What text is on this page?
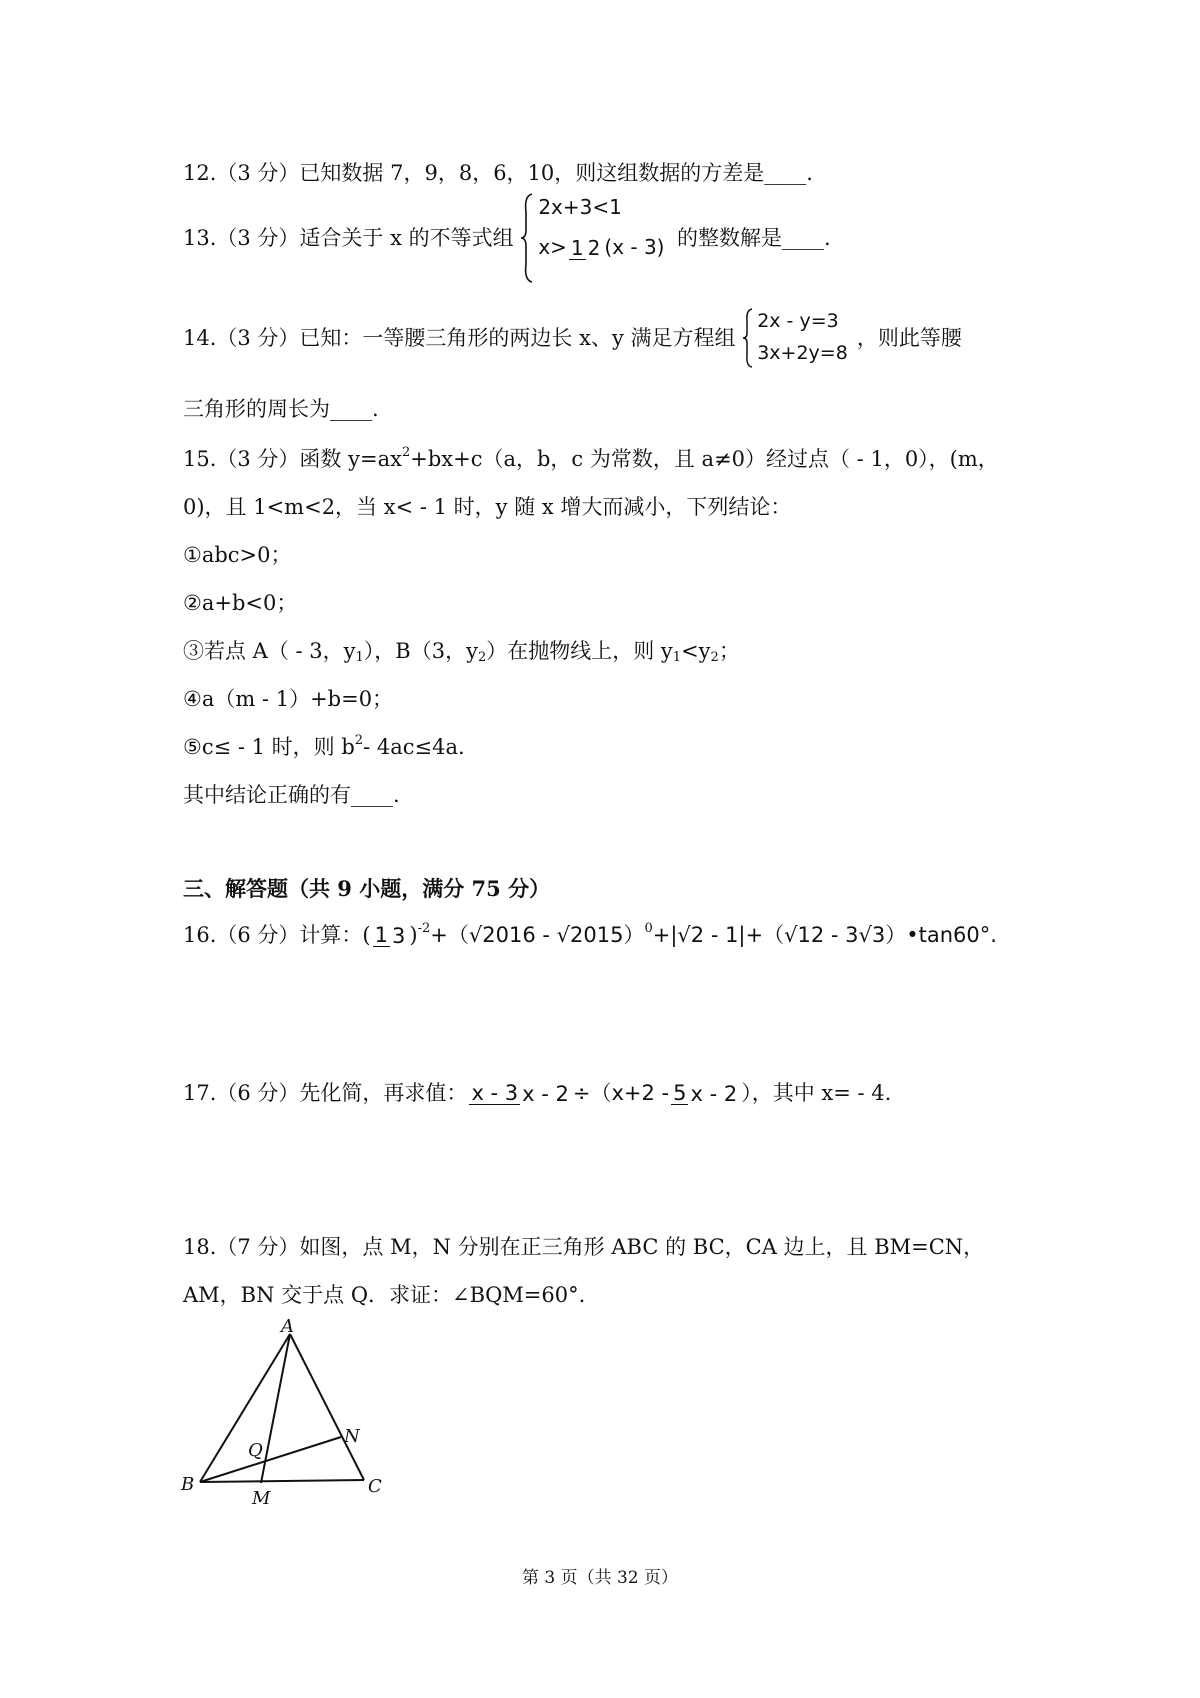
12.（3 分）已知数据 7，9，8，6，10，则这组数据的方差是____.
13.（3 分）适合关于 x 的不等式组
2x+3<1
x> 1 2 (x - 3) 的整数解是____.
14.（3 分）已知：一等腰三角形的两边长 x、y 满足方程组
2x - y=3
3x+2y=8
，则此等腰
三角形的周长为____.
15.（3 分）函数 y=ax2+bx+c（a，b，c 为常数，且 a≠0）经过点（ - 1，0），(m，
0)，且 1<m<2，当 x< - 1 时，y 随 x 增大而减小，下列结论：
①abc>0；
②a+b<0；
③若点 A（ - 3，y1），B（3，y2）在抛物线上，则 y1<y2；
④a（m - 1）+b=0；
⑤c≤ - 1 时，则 b2- 4ac≤4a.
其中结论正确的有____.
三、解答题（共 9 小题，满分 75 分）
16.（6 分）计算：( 1 3 )-2+（√2016 - √2015）0+|√2 - 1|+（√12 - 3√3）•tan60°.
17.（6 分）先化简，再求值： x - 3 x - 2 ÷（x+2 - 5 x - 2 ），其中 x= - 4.
18.（7 分）如图，点 M，N 分别在正三角形 ABC 的 BC，CA 边上，且 BM=CN，
AM，BN 交于点 Q．求证：∠BQM=60°.
A
B	C
M
N
Q
第 3 页（共 32 页）
